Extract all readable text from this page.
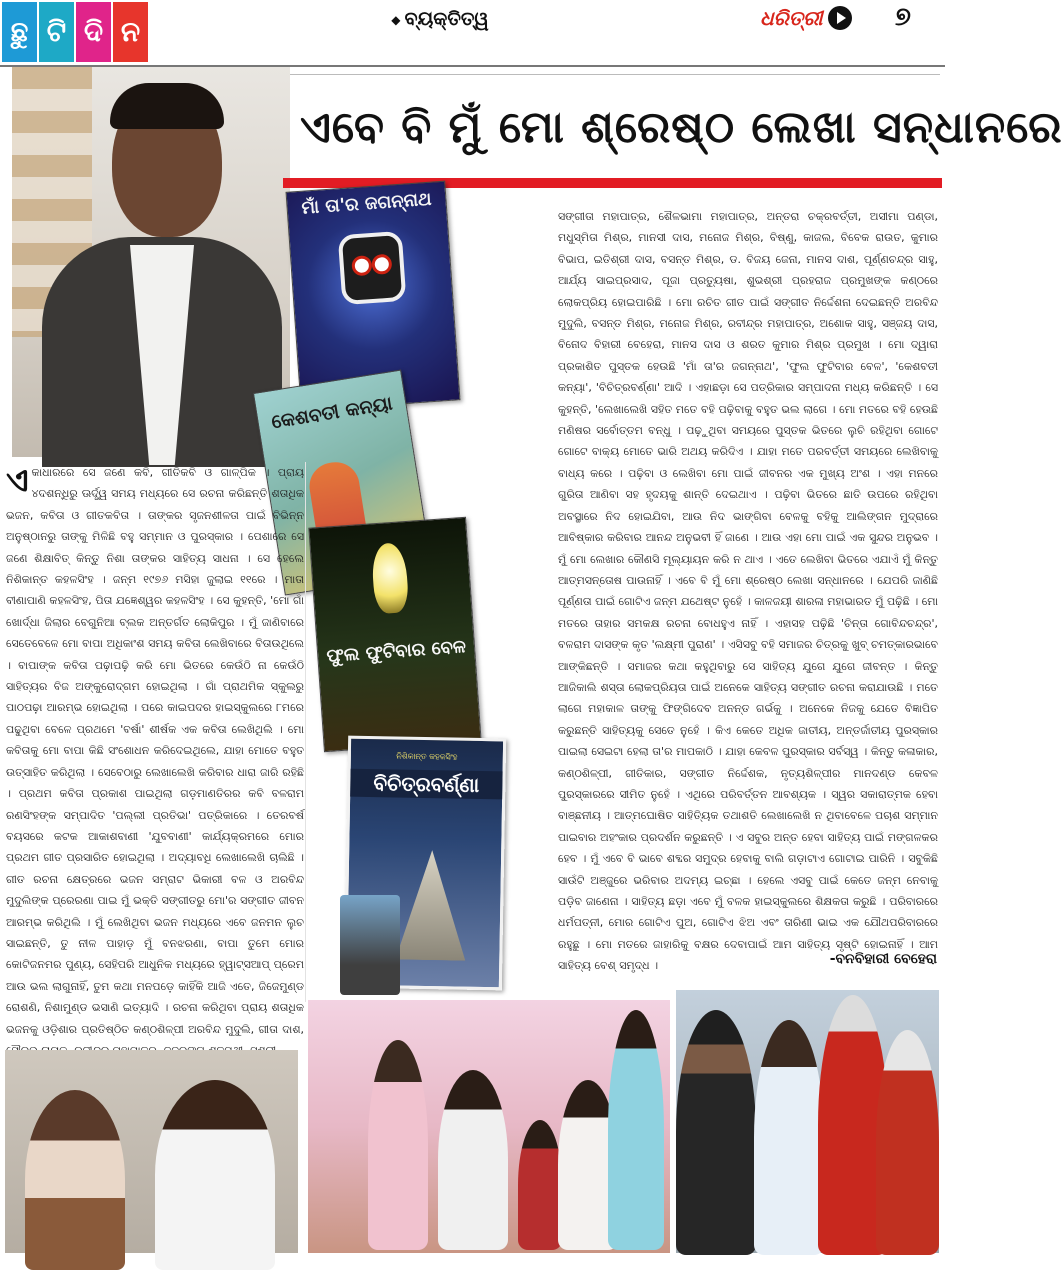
ଛୁ ଟି ଦି ନ
◆	ବ୍ୟକ୍ତିତ୍ୱ	ଧରିତ୍ରୀ	୭
ଏବେ ବି ମୁଁ ମୋ ଶ୍ରେଷ୍ଠ ଲେଖା ସନ୍ଧାନରେ
ମାଁ ତା'ର ଜଗନ୍ନାଥ
କେଶବତୀ କନ୍ୟା
ଫୁଲ ଫୁଟିବାର ବେଳ
ବିଚିତ୍ରବର୍ଣ୍ଣା
ନିଶିକାନ୍ତ କହଳସିଂହ
ଏକାଧାରରେ ସେ ଜଣେ କବି, ଗୀତିକବି ଓ ଗାଳ୍ପିକ । ପ୍ରାୟ ୪ଦଶନ୍ଧିରୁ ଊର୍ଦ୍ଧ୍ୱ ସମୟ ମଧ୍ୟରେ ସେ ରଚନା କରିଛନ୍ତି ଶତାଧିକ ଭଜନ, କବିତା ଓ ଗୀତକବିତା । ତାଙ୍କର ସୃଜନଶୀଳତା ପାଇଁ ବିଭିନ୍ନ ଅନୁଷ୍ଠାନରୁ ତାଙ୍କୁ ମିଳିଛି ବହୁ ସମ୍ମାନ ଓ ପୁରସ୍କାର । ପେଶାରେ ସେ ଜଣେ ଶିକ୍ଷାବିତ୍ କିନ୍ତୁ ନିଶା ତାଙ୍କର ସାହିତ୍ୟ ସାଧନା । ସେ ହେଲେ ନିଶିକାନ୍ତ କହଳସିଂହ । ଜନ୍ମ ୧୯୭୬ ମସିହା ଜୁଲାଇ ୧୧ରେ । ମାତା ବୀଣାପାଣି କହଳସିଂହ, ପିତା ଯଜ୍ଞେଶ୍ୱର କହଳସିଂହ । ସେ କୁହନ୍ତି, 'ମୋ ଗାଁ ଖୋର୍ଦ୍ଧା ଜିଲାର ବେଗୁନିଆ ବ୍ଲକ ଅନ୍ତର୍ଗତ ଲୋକିପୁର । ମୁଁ ଜାଣିବାରେ ସେତେବେଳେ ମୋ ବାପା ଅଧିକାଂଶ ସମୟ କବିତା ଲେଖିବାରେ ବିତାଉଥିଲେ । ବାପାଙ୍କ କବିତା ପଢ଼ାପଢ଼ି କରି ମୋ ଭିତରେ କେଉଁଠି ନା କେଉଁଠି ସାହିତ୍ୟର ବିଜ ଅଙ୍କୁରୋଦ୍‌ଗମ ହୋଇଥିଲା । ଗାଁ ପ୍ରାଥମିକ ସ୍କୁଲରୁ ପାଠପଢ଼ା ଆରମ୍ଭ ହୋଇଥିଲା । ପରେ କାଇପଦର ହାଇସ୍କୁଲରେ ୮ମରେ ପଢୁଥିବା ବେଳେ ପ୍ରଥମେ 'ବର୍ଷା' ଶୀର୍ଷକ ଏକ କବିତା ଲେଖିଥିଲି । ମୋ କବିତାକୁ ମୋ ବାପା କିଛି ସଂଶୋଧନ କରିଦେଇଥିଲେ, ଯାହା ମୋତେ ବହୁତ ଉତ୍ସାହିତ କରିଥିଲା । ସେବେଠାରୁ ଲେଖାଲେଖି କରିବାର ଧାରା ଜାରି ରହିଛି । ପ୍ରଥମ କବିତା ପ୍ରକାଶ ପାଇଥିଲା ଗଡ଼ମାଣତିରର କବି ବଳରାମ ରଣସିଂହଙ୍କ ସମ୍ପାଦିତ 'ପଲ୍ଲୀ ପ୍ରତିଭା' ପତ୍ରିକାରେ । ତେରବର୍ଷ ବୟସରେ କଟକ ଆକାଶବାଣୀ 'ଯୁବବାଣୀ' କାର୍ଯ୍ୟକ୍ରମରେ ମୋର ପ୍ରଥମ ଗୀତ ପ୍ରସାରିତ ହୋଇଥିଲା । ଅଦ୍ୟାବଧି ଲେଖାଲେଖି ଚାଲିଛି । ଗୀତ ରଚନା କ୍ଷେତ୍ରରେ ଭଜନ ସମ୍ରାଟ ଭିକାରୀ ବଳ ଓ ଅରବିନ୍ଦ ମୁଦୁଲିଙ୍କ ପ୍ରେରଣା ପାଇ ମୁଁ ଭକ୍ତି ସଙ୍ଗୀତରୁ ମୋ'ର ସଙ୍ଗୀତ ଜୀବନ ଆରମ୍ଭ କରିଥିଲି । ମୁଁ ଲେଖିଥିବା ଭଜନ ମଧ୍ୟରେ ଏବେ ଜନମନ ଲୁଚ ସାଇଛନ୍ତି, ତୁ ନୀଳ ପାହାଡ଼ ମୁଁ ବନଝରଣା, ବାପା ତୁମେ ମୋର କୋଟିଜନମର ପୁଣ୍ୟ, ସେହିପରି ଆଧୁନିକ ମଧ୍ୟରେ ହ୍ୱାଟ୍ସଆପ୍ ପ୍ରେମ ଆଉ ଭଲ ଲାଗୁନାହିଁ, ତୁମ କଥା ମନପଡ଼େ କାହିଁକି ଆଜି ଏତେ, ଜିଜେମୁଣ୍ଡ ରୋଶଣି, ନିଶାମୁଣ୍ଡ ଭସାଣି ଇତ୍ୟାଦି । ରଚନା କରିଥିବା ପ୍ରାୟ ଶତାଧିକ ଭଜନକୁ ଓଡ଼ିଶାର ପ୍ରତିଷ୍ଠିତ କଣ୍ଠଶିଳ୍ପୀ ଅରବିନ୍ଦ ମୁଦୁଲି, ଗୀତା ଦାଶ,
ସଙ୍ଗୀତା ମହାପାତ୍ର, ଶୈଳଭାମା ମହାପାତ୍ର, ଅନ୍ତରା ଚକ୍ରବର୍ତ୍ତୀ, ଅସୀମା ପଣ୍ଡା, ମଧୁସ୍ମିତା ମିଶ୍ର, ମାନସୀ ଦାସ, ମନୋଜ ମିଶ୍ର, ବିଷ୍ଣୁ, କାଜଲ, ବିବେକ ରାଉତ, କୁମାର ବିଭାପ, ଇତିଶ୍ରୀ ଦାସ, ବସନ୍ତ ମିଶ୍ର, ଡ. ବିଜୟ ଜେନା, ମାନସ ଦାଶ, ପୂର୍ଣ୍ଣଚନ୍ଦ୍ର ସାହୁ, ଆର୍ଯ୍ୟ ସାଇପ୍ରସାଦ, ପୂଜା ପ୍ରତ୍ୟୁଷା, ଶୁଭଶ୍ରୀ ପ୍ରହରାଜ ପ୍ରମୁଖଙ୍କ କଣ୍ଠରେ ଲୋକପ୍ରିୟ ହୋଇପାରିଛି । ମୋ ରଚିତ ଗୀତ ପାଇଁ ସଙ୍ଗୀତ ନିର୍ଦ୍ଦେଶନା ଦେଇଛନ୍ତି ଅରବିନ୍ଦ ମୁଦୁଲି, ବସନ୍ତ ମିଶ୍ର, ମନୋଜ ମିଶ୍ର, ରବୀନ୍ଦ୍ର ମହାପାତ୍ର, ଅଶୋକ ସାହୁ, ସଞ୍ଜୟ ଦାସ, ବିନୋଦ ବିହାରୀ ବେହେରା, ମାନସ ଦାସ ଓ ଶରତ କୁମାର ମିଶ୍ର ପ୍ରମୁଖ । ମୋ ଦ୍ୱାରା ପ୍ରକାଶିତ ପୁସ୍ତକ ହେଉଛି 'ମାଁ ତା'ର ଜଗନ୍ନାଥ', 'ଫୁଲ ଫୁଟିବାର ବେଳ', 'କେଶବତୀ କନ୍ୟା', 'ବିଚିତ୍ରବର୍ଣ୍ଣା' ଆଦି । ଏହାଛଡ଼ା ସେ ପତ୍ରିକାର ସମ୍ପାଦନା ମଧ୍ୟ କରିଛନ୍ତି । ସେ କୁହନ୍ତି, 'ଲେଖାଲେଖି ସହିତ ମତେ ବହି ପଢ଼ିବାକୁ ବହୁତ ଭଲ ଲାଗେ । ମୋ ମତରେ ବହି ହେଉଛି ମଣିଷର ସର୍ବୋତ୍ତମ ବନ୍ଧୁ । ପଢ଼ୁଥିବା ସମୟରେ ପୁସ୍ତକ ଭିତରେ ଲୁଚି ରହିଥିବା ଗୋଟେ ଗୋଟେ ବାକ୍ୟ ମୋତେ ଭାରି ଅଥୟ କରିଦିଏ । ଯାହା ମତେ ପରବର୍ତ୍ତୀ ସମୟରେ ଲେଖିବାକୁ ବାଧ୍ୟ କରେ । ପଢ଼ିବା ଓ ଲେଖିବା ମୋ ପାଇଁ ଜୀବନର ଏକ ମୁଖ୍ୟ ଅଂଶ । ଏହା ମନରେ ଗୁରିତା ଆଣିବା ସହ ହୃଦୟକୁ ଶାନ୍ତି ଦେଇଥାଏ । ପଢ଼ିବା ଭିତରେ ଛାତି ଉପରେ ରହିଥିବା ଅବସ୍ଥାରେ ନିଦ ହୋଇଯିବା, ଆଉ ନିଦ ଭାଙ୍ଗିବା ବେଳକୁ ବହିକୁ ଆଲିଙ୍ଗନ ମୁଦ୍ରାରେ ଆବିଷ୍କାର କରିବାର ଆନନ୍ଦ ଅନୁଭବୀ ହିଁ ଜାଣେ । ଆଉ ଏହା ମୋ ପାଇଁ ଏକ ସୁନ୍ଦର ଅନୁଭବ । ମୁଁ ମୋ ଲେଖାର କୌଣସି ମୂଲ୍ୟାୟନ କରି ନ ଥାଏ । ଏତେ ଲେଖିବା ଭିତରେ ଏଯାଏଁ ମୁଁ କିନ୍ତୁ ଆତ୍ମସନ୍ତୋଷ ପାଉନାହିଁ । ଏବେ ବି ମୁଁ ମୋ ଶ୍ରେଷ୍ଠ ଲେଖା ସନ୍ଧାନରେ । ଯେପରି ଜାଣିଛି ପୂର୍ଣ୍ଣତା ପାଇଁ ଗୋଟିଏ ଜନ୍ମ ଯଥେଷ୍ଟ ନୁହେଁ । କାଳଜୟୀ ଶାରଳା ମହାଭାରତ ମୁଁ ପଢ଼ିଛି । ମୋ ମତରେ ତାହାର ସମକକ୍ଷ ରଚନା ବୋଧହୁଏ ନାହିଁ । ଏହାସହ ପଢ଼ିଛି 'ଚିନ୍ତା ଗୋବିନ୍ଦଚନ୍ଦ୍ର', ବଳରାମ ଦାସଙ୍କ କୃତ 'ଲକ୍ଷ୍ମୀ ପୁରାଣ' । ଏସିସବୁ ବହି ସମାଜର ଚିତ୍ରକୁ ଖୁବ୍ ଚମତ୍କାରଭାବେ ଆଙ୍କିଛନ୍ତି । ସମାଜର କଥା କହୁଥିବାରୁ ସେ ସାହିତ୍ୟ ଯୁଗେ ଯୁଗେ ଜୀବନ୍ତ । କିନ୍ତୁ ଆଜିକାଲି ଶସ୍ତା ଲୋକପ୍ରିୟତା ପାଇଁ ଅନେକେ ସାହିତ୍ୟ ସଙ୍ଗୀତ ରଚନା କରାଯାଉଛି । ମତେ ଲାଗେ ମହାକାଳ ତାଙ୍କୁ ଫିଙ୍ଗିଦେବ ଅନନ୍ତ ଗର୍ଭକୁ । ଅନେକେ ନିଜକୁ ଯେତେ ବିଜ୍ଞାପିତ କରୁଛନ୍ତି ସାହିତ୍ୟକୁ ସେତେ ନୁହେଁ । କିଏ କେତେ ଅଧିକ ଜାତୀୟ, ଅନ୍ତର୍ଜାତୀୟ ପୁରସ୍କାର ପାଇଲା ସେଇଟା ହେଲା ତା'ର ମାପକାଠି । ଯାହା କେବଳ ପୁରସ୍କାର ସର୍ବସ୍ୱ । କିନ୍ତୁ କଳାକାର, କଣ୍ଠଶିଳ୍ପୀ, ଗୀତିକାର, ସଙ୍ଗୀତ ନିର୍ଦ୍ଦେଶକ, ନୃତ୍ୟଶିଳ୍ପୀର ମାନଦଣ୍ଡ କେବଳ ପୁରସ୍କାରରେ ସୀମିତ ନୁହେଁ । ଏଥିରେ ପରିବର୍ତ୍ତନ ଆବଶ୍ୟକ । ସ୍ୱର ସକାରାତ୍ମକ ହେବା ବାଞ୍ଛନୀୟ । ଆତ୍ମଘୋଷିତ ସାହିତ୍ୟିକ ତଥାଶତି ଲେଖାଲେଖି ନ ଥିବାବେଳେ ପଚାଶ ସମ୍ମାନ ପାଇବାର ଅହଂକାର ପ୍ରଦର୍ଶନ କରୁଛନ୍ତି । ଏ ସବୁର ଅନ୍ତ ହେବା ସାହିତ୍ୟ ପାଇଁ ମଙ୍ଗଳକର ହେବ । ମୁଁ ଏବେ ବି ଭାବେ ଶବ୍ଦର ସମୁଦ୍ର ହେବାକୁ ବାଲି ଗଡ଼ାଟାଏ ଗୋଟାଇ ପାରିନି । ସବୁକିଛି ସାଉଁଟି ଅଞ୍ଜୁରେ ଭରିବାର ଅଦମ୍ୟ ଇଚ୍ଛା । ହେଲେ ଏସବୁ ପାଇଁ କେତେ ଜନ୍ମ ନେବାକୁ ପଡ଼ିବ ଜାଣେନା । ସାହିତ୍ୟ ଛଡ଼ା ଏବେ ମୁଁ ବଳକ ହାଇସ୍କୁଲରେ ଶିକ୍ଷକତା କରୁଛି । ପରିବାରରେ ଧର୍ମପତ୍ନୀ, ମୋର ଗୋଟିଏ ପୁଅ, ଗୋଟିଏ ଝିଅ ଏବଂ ତାରିଣୀ ଭାଇ ଏକ ଯୌଥପରିବାରରେ ରହୁଛୁ । ମୋ ମତରେ ଜାହାରିକୁ ବକ୍ଷର ଦେବାପାଇଁ ଆମ ସାହିତ୍ୟ ସୃଷ୍ଟି ହୋଇନାହିଁ । ଆମ ସାହିତ୍ୟ ବେଶ୍ ସମୃଦ୍ଧ ।	-ବନବିହାରୀ ବେହେରା
